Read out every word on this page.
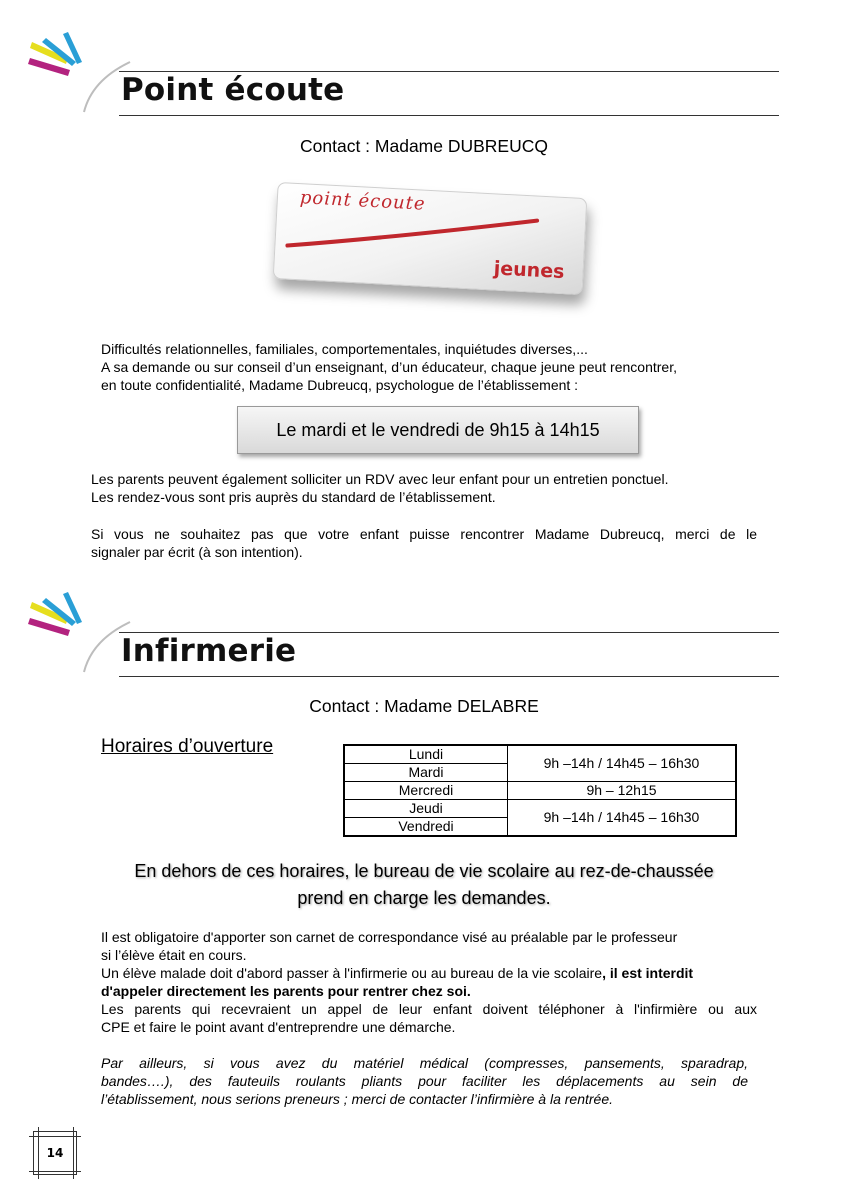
Point écoute
Contact : Madame DUBREUCQ
point écoute
jeunes

Difficultés relationnelles, familiales, comportementales, inquiétudes diverses,...

A sa demande ou sur conseil d’un enseignant, d’un éducateur, chaque jeune peut rencontrer,

en toute confidentialité, Madame Dubreucq, psychologue de l’établissement :

Le mardi et le vendredi de 9h15 à 14h15

Les parents peuvent également solliciter un RDV avec leur enfant pour un entretien ponctuel.

Les rendez-vous sont pris auprès du standard de l’établissement.

Si vous ne souhaitez pas que votre enfant puisse rencontrer Madame Dubreucq, merci de le

signaler par écrit (à son intention).

Infirmerie
Contact : Madame DELABRE
Horaires d’ouverture	Lundi	9h –14h / 14h45 – 16h30
Mardi	
Mercredi	9h – 12h15
Jeudi	9h –14h / 14h45 – 16h30
Vendredi	
En dehors de ces horaires, le bureau de vie scolaire au rez-de-chaussée
prend en charge les demandes.

Il est obligatoire d'apporter son carnet de correspondance visé au préalable par le professeur

si l’élève était en cours.

Un élève malade doit d'abord passer à l'infirmerie ou au bureau de la vie scolaire, il est interdit

d'appeler directement les parents pour rentrer chez soi.

Les parents qui recevraient un appel de leur enfant doivent téléphoner à l'infirmière ou aux

CPE et faire le point avant d'entreprendre une démarche.

Par ailleurs, si vous avez du matériel médical (compresses, pansements, sparadrap,

bandes….), des fauteuils roulants pliants pour faciliter les déplacements au sein de

l’établissement, nous serions preneurs ; merci de contacter l’infirmière à la rentrée.

14
